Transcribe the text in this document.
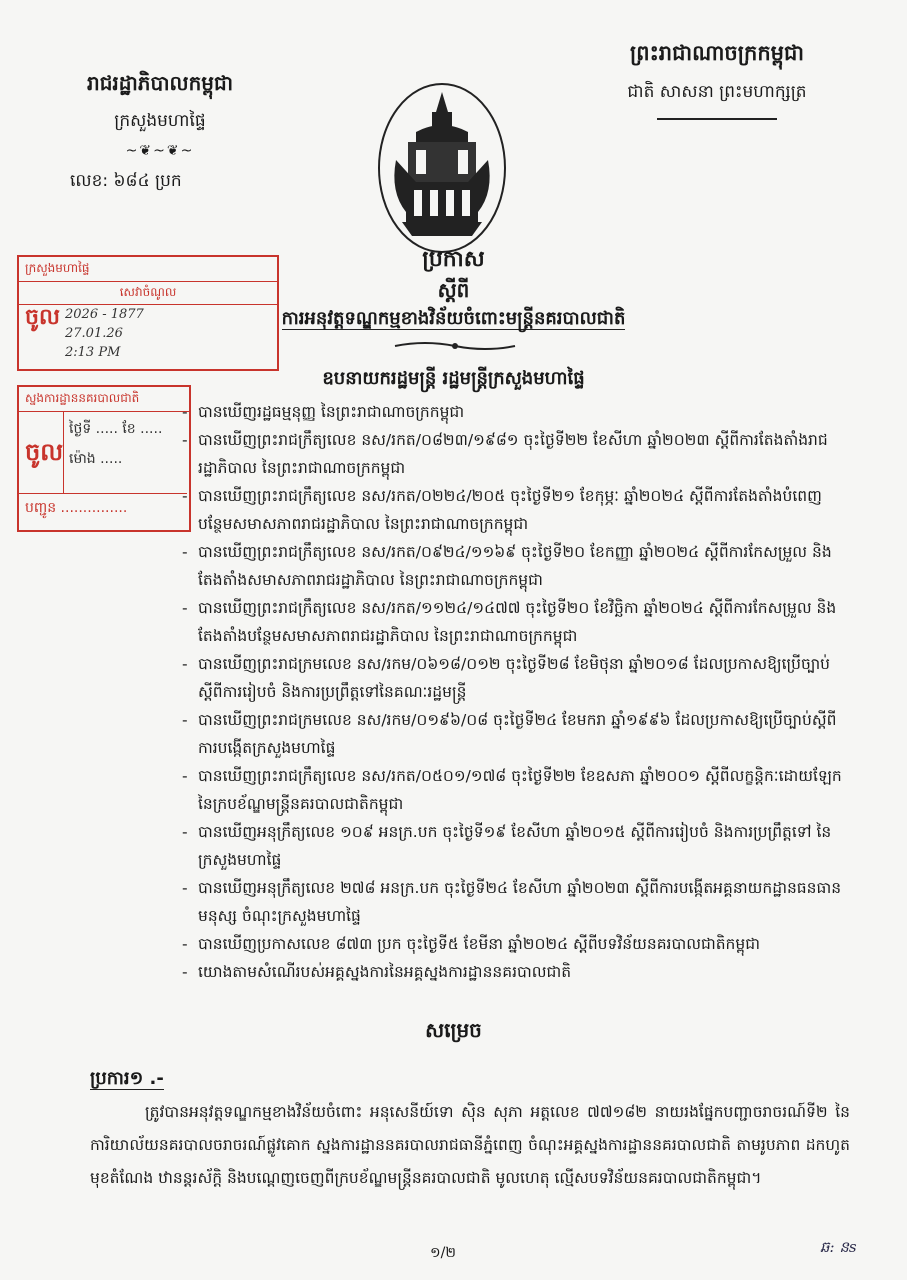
ព្រះរាជាណាចក្រកម្ពុជា
ជាតិ សាសនា ព្រះមហាក្សត្រ
រាជរដ្ឋាភិបាលកម្ពុជា
ក្រសួងមហាផ្ទៃ
~❦~❦~
លេខ: ៦៨៤ ប្រក
ប្រកាស
ស្តីពី
ការអនុវត្តទណ្ឌកម្មខាងវិន័យចំពោះមន្ត្រីនគរបាលជាតិ
ឧបនាយករដ្ឋមន្ត្រី រដ្ឋមន្ត្រីក្រសួងមហាផ្ទៃ
ក្រសួងមហាផ្ទៃ
សេវាចំណូល
ចូល 2026 - 1877
27.01.26
2:13 PM
ស្នងការដ្ឋាននគរបាលជាតិ
ចូល
ថ្ងៃទី ..... ខែ .....
ម៉ោង .....
បញ្ជូន ...............
- បានឃើញរដ្ឋធម្មនុញ្ញ នៃព្រះរាជាណាចក្រកម្ពុជា
- បានឃើញព្រះរាជក្រឹត្យលេខ នស/រកត/០៨២៣/១៩៨១ ចុះថ្ងៃទី២២ ខែសីហា ឆ្នាំ២០២៣ ស្តីពីការតែងតាំងរាជរដ្ឋាភិបាល នៃព្រះរាជាណាចក្រកម្ពុជា
- បានឃើញព្រះរាជក្រឹត្យលេខ នស/រកត/០២២៤/២០៥ ចុះថ្ងៃទី២១ ខែកុម្ភៈ ឆ្នាំ២០២៤ ស្តីពីការតែងតាំងបំពេញបន្ថែមសមាសភាពរាជរដ្ឋាភិបាល នៃព្រះរាជាណាចក្រកម្ពុជា
- បានឃើញព្រះរាជក្រឹត្យលេខ នស/រកត/០៩២៤/១១៦៩ ចុះថ្ងៃទី២០ ខែកញ្ញា ឆ្នាំ២០២៤ ស្តីពីការកែសម្រួល និងតែងតាំងសមាសភាពរាជរដ្ឋាភិបាល នៃព្រះរាជាណាចក្រកម្ពុជា
- បានឃើញព្រះរាជក្រឹត្យលេខ នស/រកត/១១២៤/១៤៧៧ ចុះថ្ងៃទី២០ ខែវិច្ឆិកា ឆ្នាំ២០២៤ ស្តីពីការកែសម្រួល និងតែងតាំងបន្ថែមសមាសភាពរាជរដ្ឋាភិបាល នៃព្រះរាជាណាចក្រកម្ពុជា
- បានឃើញព្រះរាជក្រមលេខ នស/រកម/០៦១៨/០១២ ចុះថ្ងៃទី២៨ ខែមិថុនា ឆ្នាំ២០១៨ ដែលប្រកាសឱ្យប្រើច្បាប់ស្តីពីការរៀបចំ និងការប្រព្រឹត្តទៅនៃគណៈរដ្ឋមន្ត្រី
- បានឃើញព្រះរាជក្រមលេខ នស/រកម/០១៩៦/០៨ ចុះថ្ងៃទី២៤ ខែមករា ឆ្នាំ១៩៩៦ ដែលប្រកាសឱ្យប្រើច្បាប់ស្តីពីការបង្កើតក្រសួងមហាផ្ទៃ
- បានឃើញព្រះរាជក្រឹត្យលេខ នស/រកត/០៥០១/១៧៨ ចុះថ្ងៃទី២២ ខែឧសភា ឆ្នាំ២០០១ ស្តីពីលក្ខន្តិកៈដោយឡែក នៃក្របខ័ណ្ឌមន្ត្រីនគរបាលជាតិកម្ពុជា
- បានឃើញអនុក្រឹត្យលេខ ១០៩ អនក្រ.បក ចុះថ្ងៃទី១៩ ខែសីហា ឆ្នាំ២០១៥ ស្តីពីការរៀបចំ និងការប្រព្រឹត្តទៅ នៃក្រសួងមហាផ្ទៃ
- បានឃើញអនុក្រឹត្យលេខ ២៧៨ អនក្រ.បក ចុះថ្ងៃទី២៤ ខែសីហា ឆ្នាំ២០២៣ ស្តីពីការបង្កើតអគ្គនាយកដ្ឋានធនធានមនុស្ស ចំណុះក្រសួងមហាផ្ទៃ
- បានឃើញប្រកាសលេខ ៨៧៣ ប្រក ចុះថ្ងៃទី៥ ខែមីនា ឆ្នាំ២០២៤ ស្តីពីបទវិន័យនគរបាលជាតិកម្ពុជា
- យោងតាមសំណើរបស់អគ្គស្នងការនៃអគ្គស្នងការដ្ឋាននគរបាលជាតិ
សម្រេច
ប្រការ១ .-
ត្រូវបានអនុវត្តទណ្ឌកម្មខាងវិន័យចំពោះ អនុសេនីយ៍ទោ ស៊ិន សុភា អត្តលេខ ៧៧១៨២ នាយរងផ្នែកបញ្ជាចរាចរណ៍ទី២ នៃការិយាល័យនគរបាលចរាចរណ៍ផ្លូវគោក ស្នងការដ្ឋាននគរបាលរាជធានីភ្នំពេញ ចំណុះអគ្គស្នងការដ្ឋាននគរបាលជាតិ តាមរូបភាព ដកហូតមុខតំណែង ឋានន្តរស័ក្តិ និងបណ្តេញចេញពីក្របខ័ណ្ឌមន្ត្រីនគរបាលជាតិ មូលហេតុ ល្មើសបទវិន័យនគរបាលជាតិកម្ពុជា។
១/២	ឆ: នs
